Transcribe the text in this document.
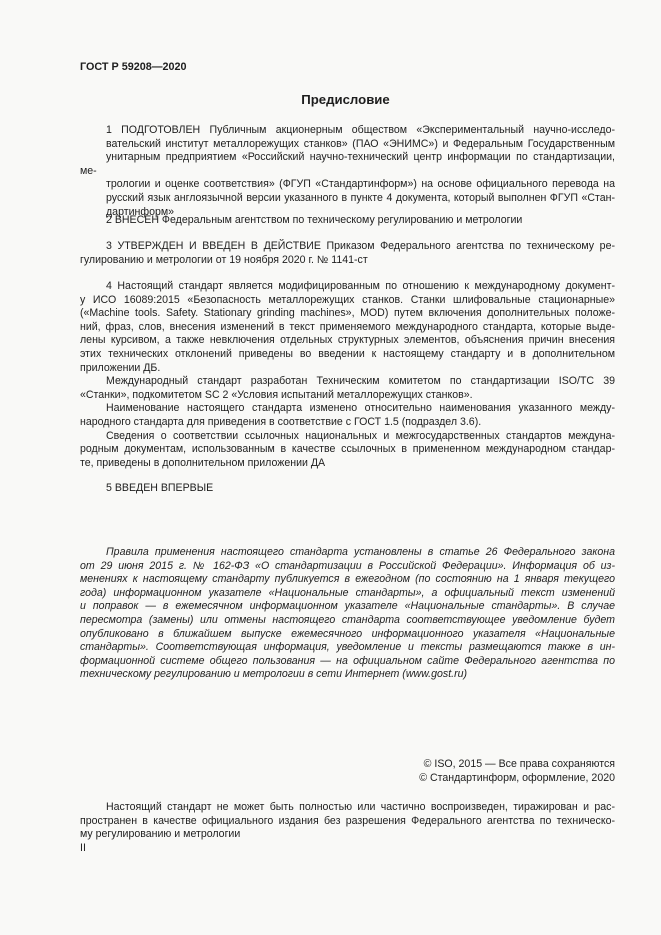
ГОСТ Р 59208—2020
Предисловие

1 ПОДГОТОВЛЕН Публичным акционерным обществом «Экспериментальный научно-исследо-
вательский институт металлорежущих станков» (ПАО «ЭНИМС») и Федеральным Государственным
унитарным предприятием «Российский научно-технический центр информации по стандартизации, ме-
трологии и оценке соответствия» (ФГУП «Стандартинформ») на основе официального перевода на
русский язык англоязычной версии указанного в пункте 4 документа, который выполнен ФГУП «Стан-
дартинформ»

2 ВНЕСЕН Федеральным агентством по техническому регулированию и метрологии
3 УТВЕРЖДЕН И ВВЕДЕН В ДЕЙСТВИЕ Приказом Федерального агентства по техническому ре-
гулированию и метрологии от 19 ноября 2020 г. № 1141-ст
4 Настоящий стандарт является модифицированным по отношению к международному документ-
у ИСО 16089:2015 «Безопасность металлорежущих станков. Станки шлифовальные стационарные»
(«Machine tools. Safety. Stationary grinding machines», MOD) путем включения дополнительных положе-
ний, фраз, слов, внесения изменений в текст применяемого международного стандарта, которые выде-
лены курсивом, а также невключения отдельных структурных элементов, объяснения причин внесения
этих технических отклонений приведены во введении к настоящему стандарту и в дополнительном
приложении ДБ.
Международный стандарт разработан Техническим комитетом по стандартизации ISO/TC 39
«Станки», подкомитетом SC 2 «Условия испытаний металлорежущих станков».
Наименование настоящего стандарта изменено относительно наименования указанного между-
народного стандарта для приведения в соответствие с ГОСТ 1.5 (подраздел 3.6).
Сведения о соответствии ссылочных национальных и межгосударственных стандартов междуна-
родным документам, использованным в качестве ссылочных в примененном международном стандар-
те, приведены в дополнительном приложении ДА
5 ВВЕДЕН ВПЕРВЫЕ
Правила применения настоящего стандарта установлены в статье 26 Федерального закона
от 29 июня 2015 г. № 162-ФЗ «О стандартизации в Российской Федерации». Информация об из-
менениях к настоящему стандарту публикуется в ежегодном (по состоянию на 1 января текущего
года) информационном указателе «Национальные стандарты», а официальный текст изменений
и поправок — в ежемесячном информационном указателе «Национальные стандарты». В случае
пересмотра (замены) или отмены настоящего стандарта соответствующее уведомление будет
опубликовано в ближайшем выпуске ежемесячного информационного указателя «Национальные
стандарты». Соответствующая информация, уведомление и тексты размещаются также в ин-
формационной системе общего пользования — на официальном сайте Федерального агентства по
техническому регулированию и метрологии в сети Интернет (www.gost.ru)
© ISO, 2015 — Все права сохраняются
© Стандартинформ, оформление, 2020
Настоящий стандарт не может быть полностью или частично воспроизведен, тиражирован и рас-
пространен в качестве официального издания без разрешения Федерального агентства по техническо-
му регулированию и метрологии
II
